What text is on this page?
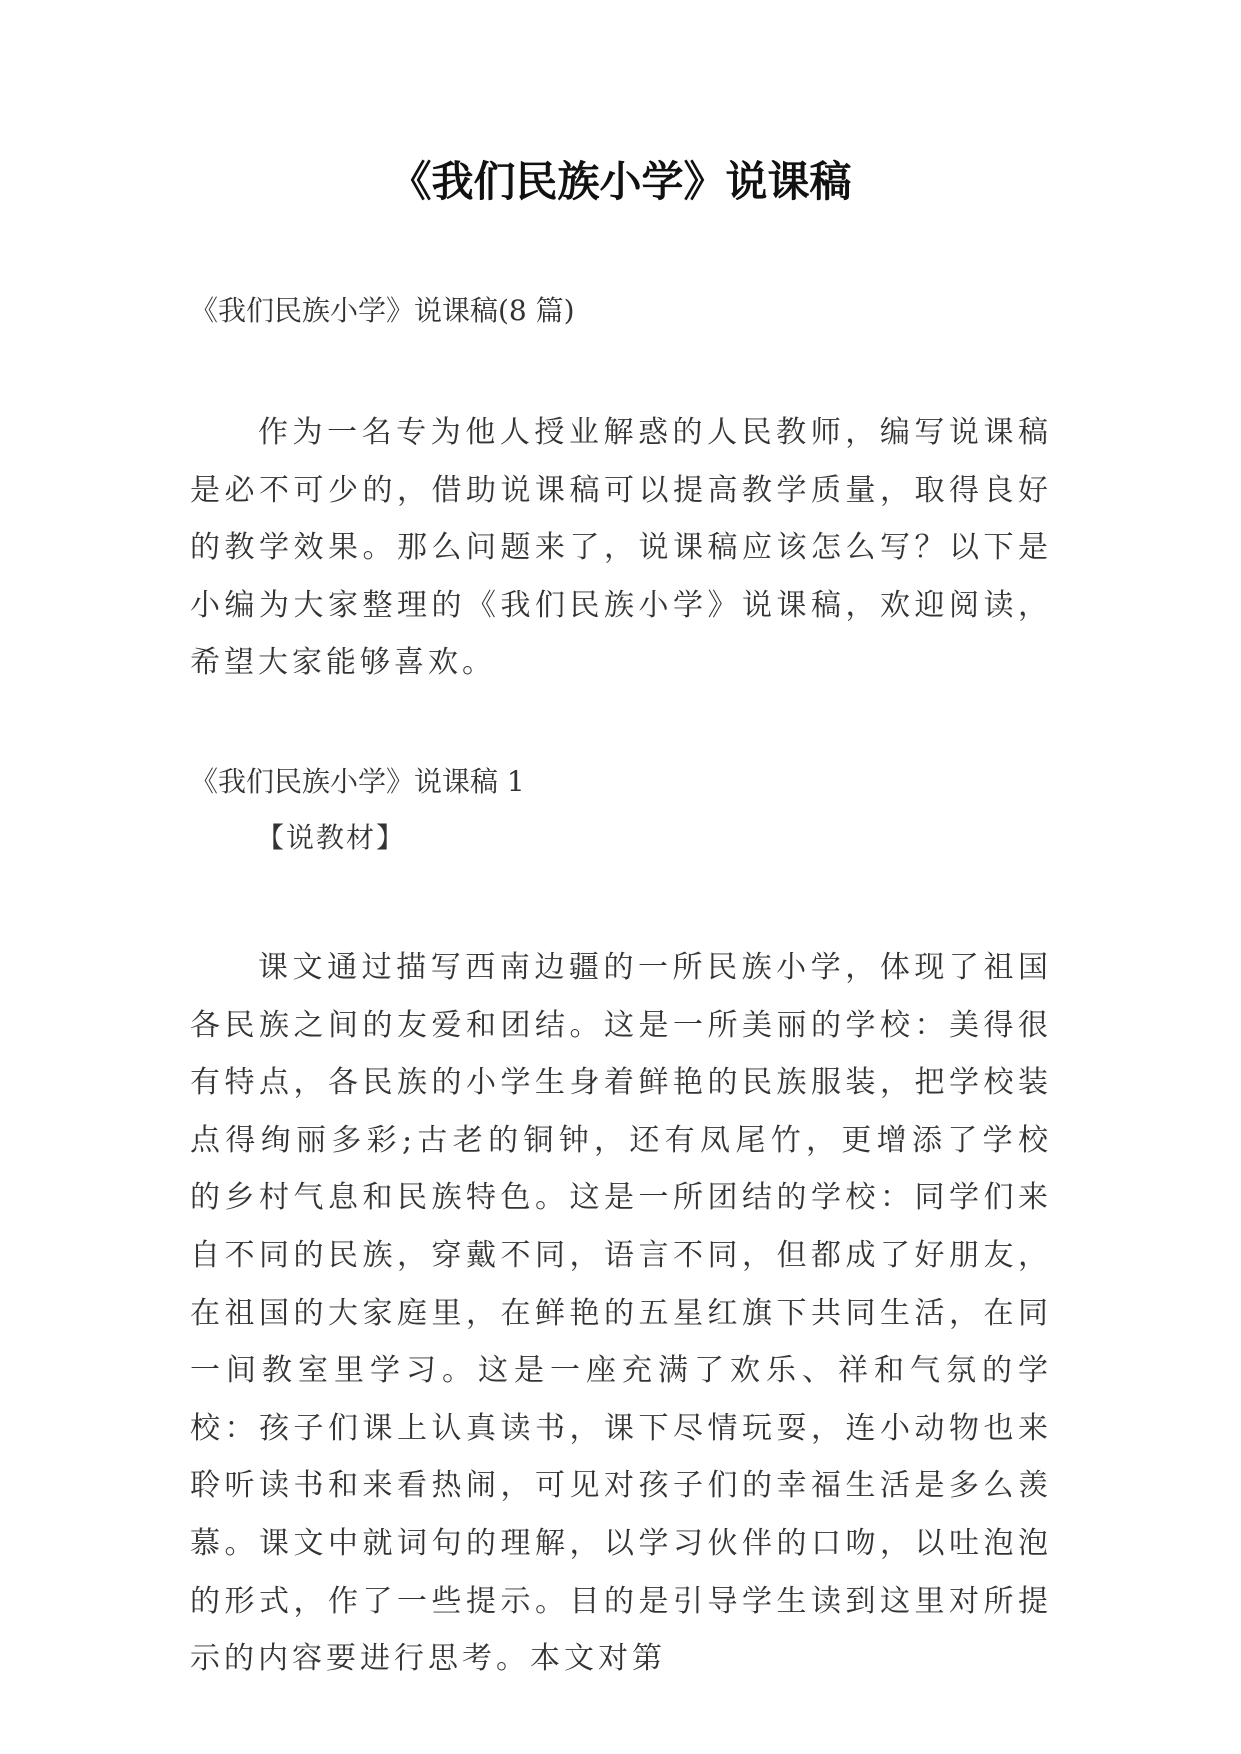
《我们民族小学》说课稿
《我们民族小学》说课稿(8 篇)
作为一名专为他人授业解惑的人民教师，编写说课稿是必不可少的，借助说课稿可以提高教学质量，取得良好的教学效果。那么问题来了，说课稿应该怎么写？以下是小编为大家整理的《我们民族小学》说课稿，欢迎阅读，希望大家能够喜欢。
《我们民族小学》说课稿 1
【说教材】
课文通过描写西南边疆的一所民族小学，体现了祖国各民族之间的友爱和团结。这是一所美丽的学校：美得很有特点，各民族的小学生身着鲜艳的民族服装，把学校装点得绚丽多彩;古老的铜钟，还有凤尾竹，更增添了学校的乡村气息和民族特色。这是一所团结的学校：同学们来自不同的民族，穿戴不同，语言不同，但都成了好朋友，在祖国的大家庭里，在鲜艳的五星红旗下共同生活，在同一间教室里学习。这是一座充满了欢乐、祥和气氛的学校：孩子们课上认真读书，课下尽情玩耍，连小动物也来聆听读书和来看热闹，可见对孩子们的幸福生活是多么羡慕。课文中就词句的理解，以学习伙伴的口吻，以吐泡泡的形式，作了一些提示。目的是引导学生读到这里对所提示的内容要进行思考。本文对第
